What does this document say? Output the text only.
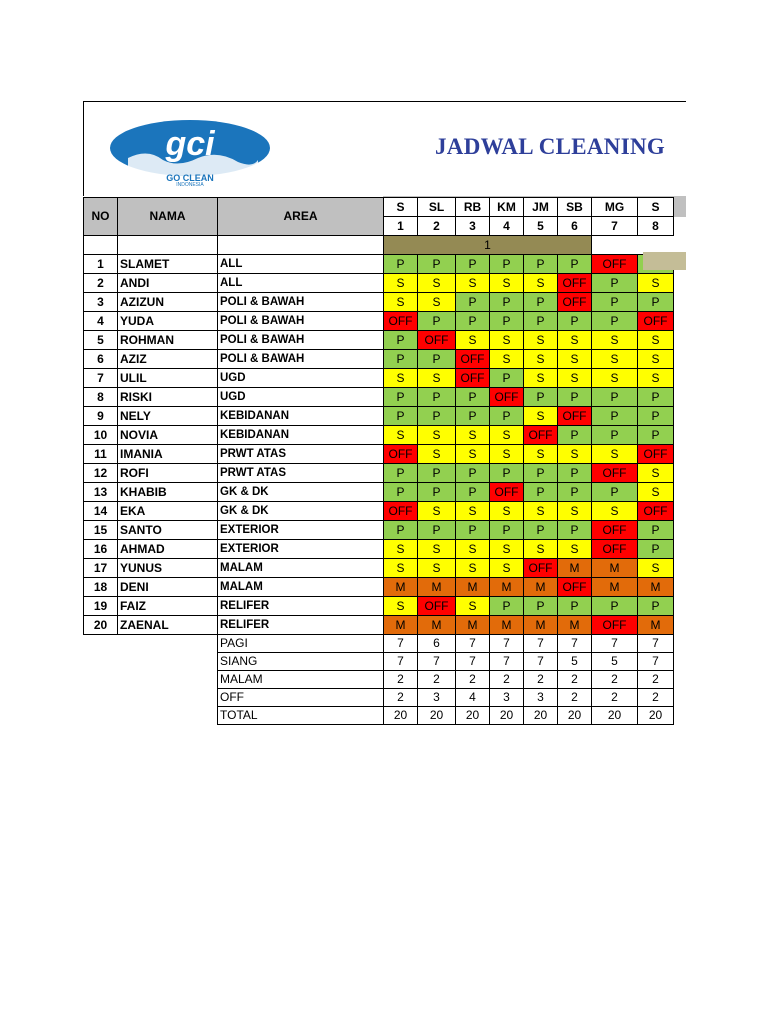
gci
GO CLEAN
INDONESIA
JADWAL CLEANING
NO	NAMA	AREA	S	SL	RB	KM	JM	SB	MG	S
			1	2	3	4	5	6	7	8
			1							
1	SLAMET	ALL	P	P	P	P	P	P	OFF	
2	ANDI	ALL	S	S	S	S	S	OFF	P	S
3	AZIZUN	POLI & BAWAH	S	S	P	P	P	OFF	P	P
4	YUDA	POLI & BAWAH	OFF	P	P	P	P	P	P	OFF
5	ROHMAN	POLI & BAWAH	P	OFF	S	S	S	S	S	S
6	AZIZ	POLI & BAWAH	P	P	OFF	S	S	S	S	S
7	ULIL	UGD	S	S	OFF	P	S	S	S	S
8	RISKI	UGD	P	P	P	OFF	P	P	P	P
9	NELY	KEBIDANAN	P	P	P	P	S	OFF	P	P
10	NOVIA	KEBIDANAN	S	S	S	S	OFF	P	P	P
11	IMANIA	PRWT ATAS	OFF	S	S	S	S	S	S	OFF
12	ROFI	PRWT ATAS	P	P	P	P	P	P	OFF	S
13	KHABIB	GK & DK	P	P	P	OFF	P	P	P	S
14	EKA	GK & DK	OFF	S	S	S	S	S	S	OFF
15	SANTO	EXTERIOR	P	P	P	P	P	P	OFF	P
16	AHMAD	EXTERIOR	S	S	S	S	S	S	OFF	P
17	YUNUS	MALAM	S	S	S	S	OFF	M	M	S
18	DENI	MALAM	M	M	M	M	M	OFF	M	M
19	FAIZ	RELIFER	S	OFF	S	P	P	P	P	P
20	ZAENAL	RELIFER	M	M	M	M	M	M	OFF	M
		PAGI	7	6	7	7	7	7	7	7
		SIANG	7	7	7	7	7	5	5	7
		MALAM	2	2	2	2	2	2	2	2
		OFF	2	3	4	3	3	2	2	2
		TOTAL	20	20	20	20	20	20	20	20
